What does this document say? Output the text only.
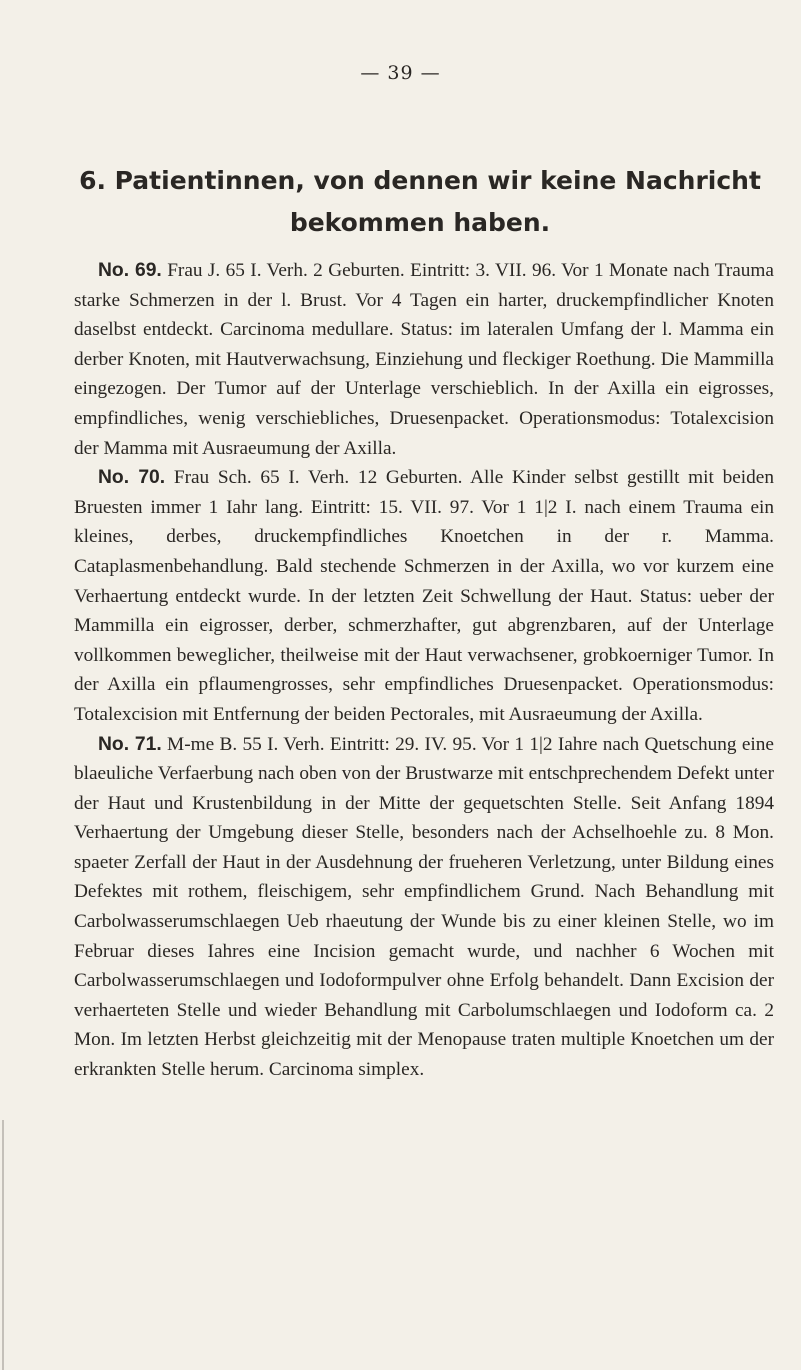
— 39 —
6. Patientinnen, von dennen wir keine Nachricht bekommen haben.

No. 69. Frau J. 65 I. Verh. 2 Geburten. Eintritt: 3. VII. 96. Vor 1 Monate nach Trauma starke Schmerzen in der l. Brust. Vor 4 Tagen ein harter, druckempfindlicher Knoten daselbst entdeckt. Carcinoma medullare. Status: im lateralen Umfang der l. Mamma ein derber Knoten, mit Hautverwachsung, Einziehung und fleckiger Roethung. Die Mammilla eingezogen. Der Tumor auf der Unterlage verschieblich. In der Axilla ein eigrosses, empfindliches, wenig verschiebliches, Druesenpacket. Operationsmodus: Totalexcision der Mamma mit Ausraeumung der Axilla.

No. 70. Frau Sch. 65 I. Verh. 12 Geburten. Alle Kinder selbst gestillt mit beiden Bruesten immer 1 Iahr lang. Eintritt: 15. VII. 97. Vor 1 1|2 I. nach einem Trauma ein kleines, derbes, druckempfindliches Knoetchen in der r. Mamma. Cataplasmenbehandlung. Bald stechende Schmerzen in der Axilla, wo vor kurzem eine Verhaertung entdeckt wurde. In der letzten Zeit Schwellung der Haut. Status: ueber der Mammilla ein eigrosser, derber, schmerzhafter, gut abgrenzbaren, auf der Unterlage vollkommen beweglicher, theilweise mit der Haut verwachsener, grobkoerniger Tumor. In der Axilla ein pflaumengrosses, sehr empfindliches Druesenpacket. Operationsmodus: Totalexcision mit Entfernung der beiden Pectorales, mit Ausraeumung der Axilla.

No. 71. M-me B. 55 I. Verh. Eintritt: 29. IV. 95. Vor 1 1|2 Iahre nach Quetschung eine blaeuliche Verfaerbung nach oben von der Brustwarze mit entschprechendem Defekt unter der Haut und Krustenbildung in der Mitte der gequetschten Stelle. Seit Anfang 1894 Verhaertung der Umgebung dieser Stelle, besonders nach der Achselhoehle zu. 8 Mon. spaeter Zerfall der Haut in der Ausdehnung der frueheren Verletzung, unter Bildung eines Defektes mit rothem, fleischigem, sehr empfindlichem Grund. Nach Behandlung mit Carbolwasserumschlaegen Ueb rhaeutung der Wunde bis zu einer kleinen Stelle, wo im Februar dieses Iahres eine Incision gemacht wurde, und nachher 6 Wochen mit Carbolwasserumschlaegen und Iodoformpulver ohne Erfolg behandelt. Dann Excision der verhaerteten Stelle und wieder Behandlung mit Carbolumschlaegen und Iodoform ca. 2 Mon. Im letzten Herbst gleichzeitig mit der Menopause traten multiple Knoetchen um der erkrankten Stelle herum. Carcinoma simplex.
